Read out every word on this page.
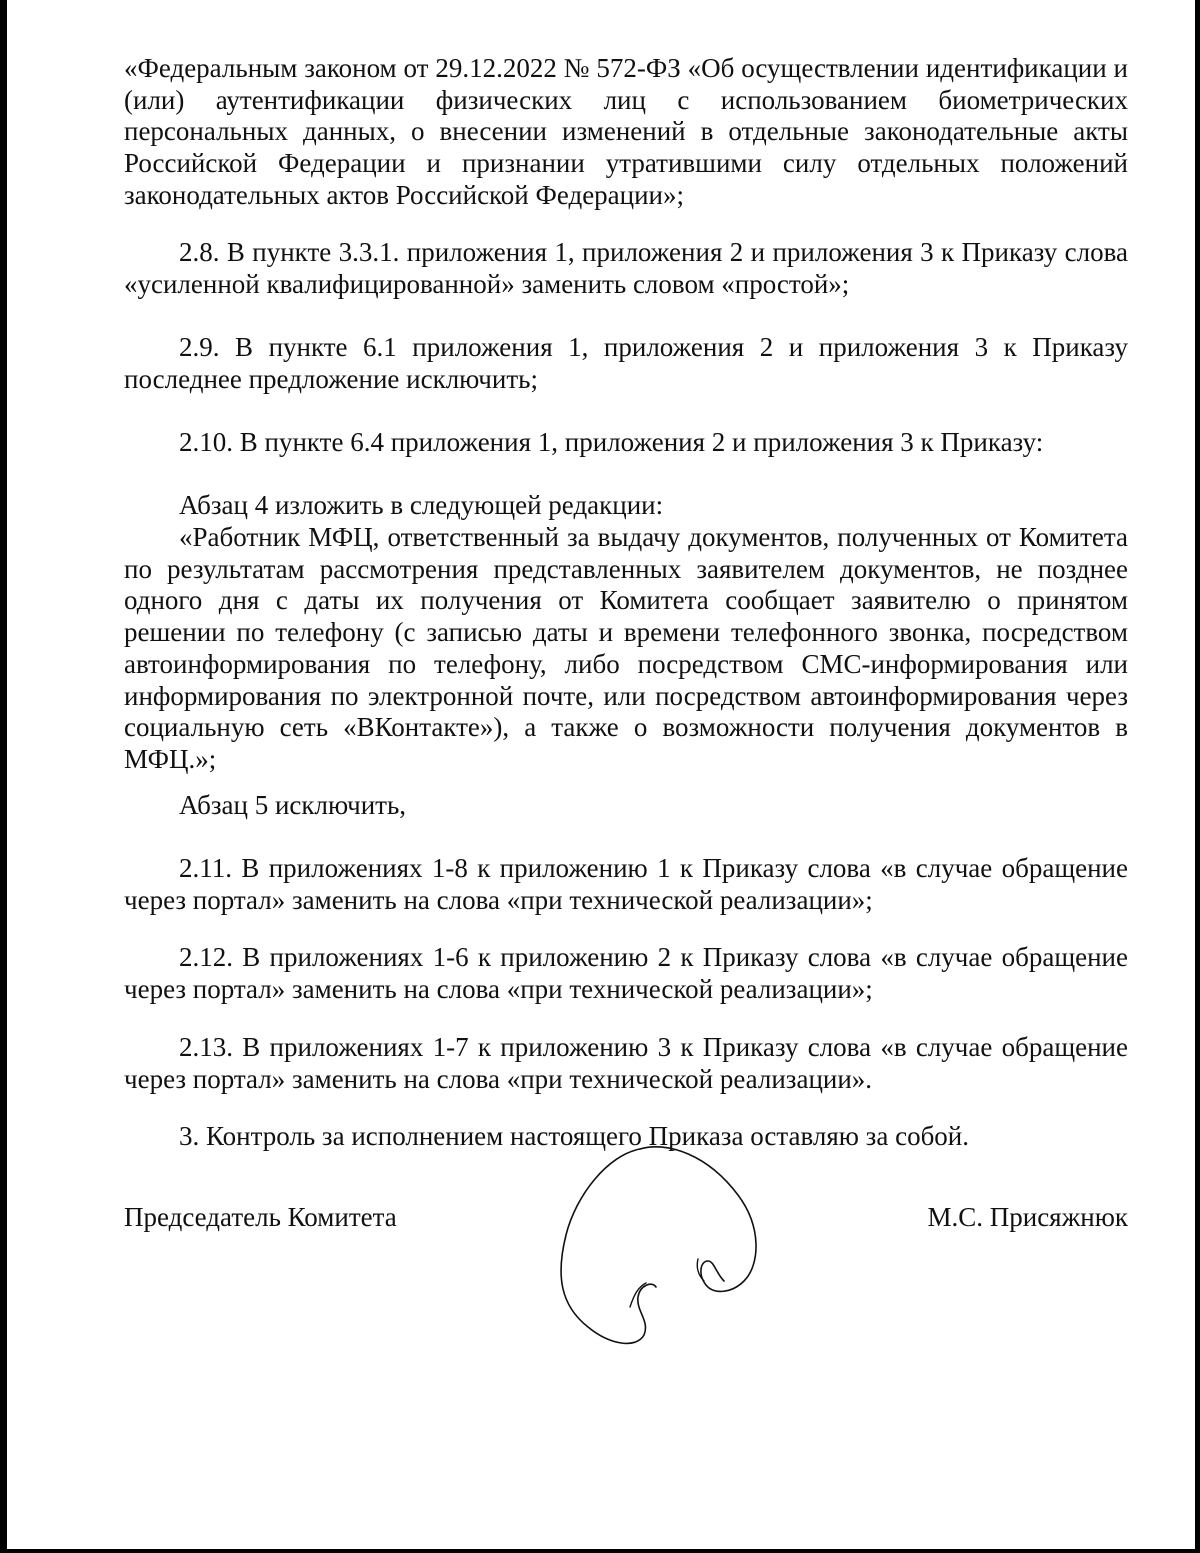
«Федеральным законом от 29.12.2022 № 572-ФЗ «Об осуществлении идентификации и (или) аутентификации физических лиц с использованием биометрических персональных данных, о внесении изменений в отдельные законодательные акты Российской Федерации и признании утратившими силу отдельных положений законодательных актов Российской Федерации»;

2.8. В пункте 3.3.1. приложения 1, приложения 2 и приложения 3 к Приказу слова «усиленной квалифицированной» заменить словом «простой»;

2.9. В пункте 6.1 приложения 1, приложения 2 и приложения 3 к Приказу последнее предложение исключить;

2.10. В пункте 6.4 приложения 1, приложения 2 и приложения 3 к Приказу:

Абзац 4 изложить в следующей редакции:

«Работник МФЦ, ответственный за выдачу документов, полученных от Комитета по результатам рассмотрения представленных заявителем документов, не позднее одного дня с даты их получения от Комитета сообщает заявителю о принятом решении по телефону (с записью даты и времени телефонного звонка, посредством автоинформирования по телефону, либо посредством СМС-информирования или информирования по электронной почте, или посредством автоинформирования через социальную сеть «ВКонтакте»), а также о возможности получения документов в МФЦ.»;

Абзац 5 исключить,

2.11. В приложениях 1-8 к приложению 1 к Приказу слова «в случае обращение через портал» заменить на слова «при технической реализации»;

2.12. В приложениях 1-6 к приложению 2 к Приказу слова «в случае обращение через портал» заменить на слова «при технической реализации»;

2.13. В приложениях 1-7 к приложению 3 к Приказу слова «в случае обращение через портал» заменить на слова «при технической реализации».

3. Контроль за исполнением настоящего Приказа оставляю за собой.

Председатель Комитета	М.С. Присяжнюк
